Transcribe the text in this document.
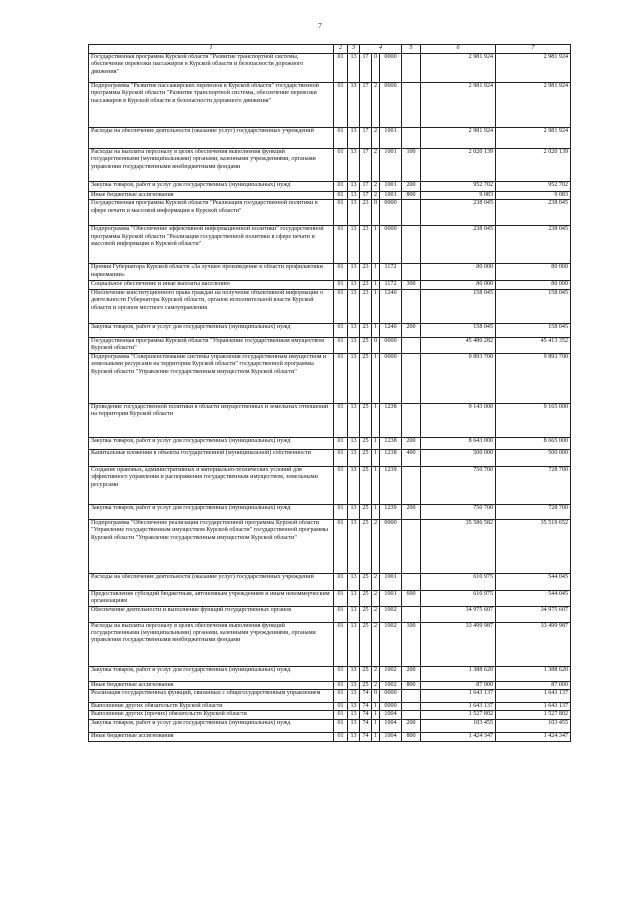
7
1	2	3	4			5	6	7
Государственная программа Курской области "Развитие транспортной системы, обеспечение перевозки пассажиров в Курской области и безопасности дорожного движения"	01	13	17	0	0000		2 981 924	2 981 924
Подпрограмма "Развитие пассажирских перевозок в Курской области" государственной программы Курской области "Развитие транспортной системы, обеспечение перевозки пассажиров в Курской области и безопасности дорожного движения"	01	13	17	2	0000		2 981 924	2 981 924
Расходы на обеспечение деятельности (оказание услуг) государственных учреждений	01	13	17	2	1001		2 981 924	2 981 924
Расходы на выплаты персоналу в целях обеспечения выполнения функций государственными (муниципальными) органами, казенными учреждениями, органами управления государственными внебюджетными фондами	01	13	17	2	1001	100	2 020 139	2 020 139
Закупка товаров, работ и услуг для государственных (муниципальных) нужд	01	13	17	2	1001	200	952 702	952 702
Иные бюджетные ассигнования	01	13	17	2	1001	800	9 083	9 083
Государственная программа Курской области "Реализация государственной политики в сфере печати и массовой информации в Курской области"	01	13	23	0	0000		238 045	238 045
Подпрограмма "Обеспечение эффективной информационной политики" государственной программы Курской области "Реализация государственной политики в сфере печати и массовой информации в Курской области"	01	13	23	1	0000		238 045	238 045
Премия Губернатора Курской области «За лучшее произведение в области профилактики наркомании»	01	13	23	1	1172		80 000	80 000
Социальное обеспечение и иные выплаты населению	01	13	23	1	1172	300	80 000	80 000
Обеспечение конституционного права граждан на получение объективной информации о деятельности Губернатора Курской области, органов исполнительной власти Курской области и органов местного самоуправления	01	13	23	1	1240		158 045	158 045
Закупка товаров, работ и услуг для государственных (муниципальных) нужд	01	13	23	1	1240	200	158 045	158 045
Государственная программа Курской области "Управление государственным имуществом Курской области"	01	13	25	0	0000		45 480 282	45 413 352
Подпрограмма "Совершенствование системы управления государственным имуществом и земельными ресурсами на территории Курской области" государственной программы Курской области "Управление государственным имуществом Курской области"	01	13	25	1	0000		9 893 700	9 893 700
Проведение государственной политики в области имущественных и земельных отношений на территории Курской области	01	13	25	1	1238		9 143 000	9 165 000
Закупка товаров, работ и услуг для государственных (муниципальных) нужд	01	13	25	1	1238	200	8 643 000	8 665 000
Капитальные вложения в объекты государственной (муниципальной) собственности	01	13	25	1	1238	400	500 000	500 000
Создание правовых, административных и материально-технических условий для эффективного управления и распоряжения государственным имуществом, земельными ресурсами	01	13	25	1	1239		750 700	728 700
Закупка товаров, работ и услуг для государственных (муниципальных) нужд	01	13	25	1	1239	200	750 700	728 700
Подпрограмма "Обеспечение реализации государственной программы Курской области "Управление государственным имуществом Курской области" государственной программы Курской области "Управление государственным имуществом Курской области"	01	13	25	2	0000		35 586 582	35 519 652
Расходы на обеспечение деятельности (оказание услуг) государственных учреждений	01	13	25	2	1001		610 975	544 045
Предоставление субсидий бюджетным, автономным учреждениям и иным некоммерческим организациям	01	13	25	2	1001	600	610 975	544 045
Обеспечение деятельности и выполнение функций государственных органов	01	13	25	2	1002		34 975 607	34 975 607
Расходы на выплаты персоналу в целях обеспечения выполнения функций государственными (муниципальными) органами, казенными учреждениями, органами управления государственными внебюджетными фондами	01	13	25	2	1002	100	33 499 987	33 499 987
Закупка товаров, работ и услуг для государственных (муниципальных) нужд	01	13	25	2	1002	200	1 388 620	1 388 620
Иные бюджетные ассигнования	01	13	25	2	1002	800	87 000	87 000
Реализация государственных функций, связанных с общегосударственным управлением	01	13	74	0	0000		1 643 137	1 643 137
Выполнение других обязательств Курской области	01	13	74	1	0000		1 643 137	1 643 137
Выполнение других (прочих) обязательств Курской области	01	13	74	1	1004		1 527 802	1 527 802
Закупка товаров, работ и услуг для государственных (муниципальных) нужд	01	13	74	1	1004	200	103 455	103 455
Иные бюджетные ассигнования	01	13	74	1	1004	800	1 424 347	1 424 347
